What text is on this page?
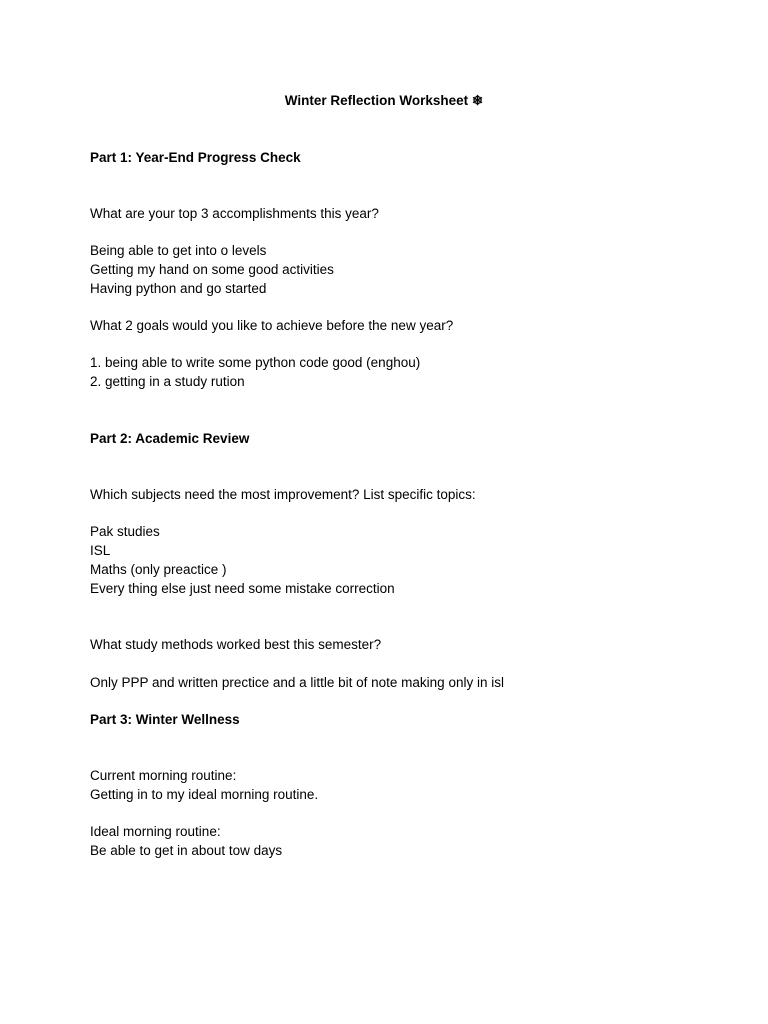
Winter Reflection Worksheet ❄
Part 1: Year-End Progress Check
What are your top 3 accomplishments this year?
Being able to get into o levels
Getting my hand on some good activities
Having python and go started
What 2 goals would you like to achieve before the new year?
1. being able to write some python code good (enghou)
2. getting in a study rution
Part 2: Academic Review
Which subjects need the most improvement? List specific topics:
Pak studies
ISL
Maths (only preactice )
Every thing else just need some mistake correction
What study methods worked best this semester?
Only PPP and written prectice and a little bit of note making only in isl
Part 3: Winter Wellness
Current morning routine:
Getting in to my ideal morning routine.
Ideal morning routine:
Be able to get in about tow days
